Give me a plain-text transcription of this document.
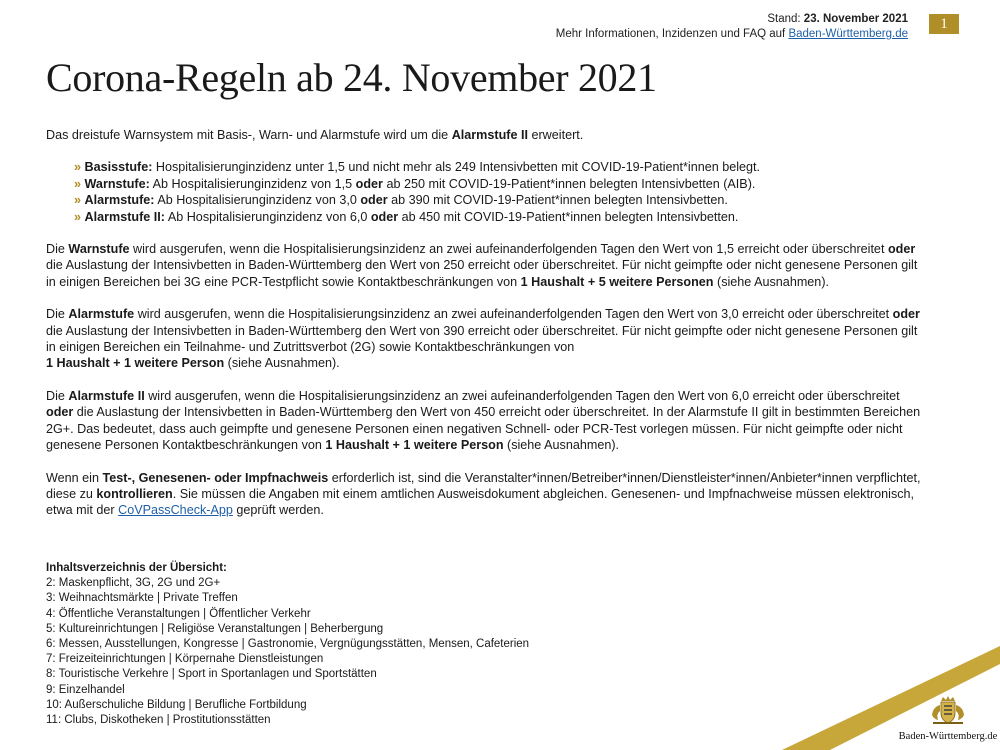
Stand: 23. November 2021
Mehr Informationen, Inzidenzen und FAQ auf Baden-Württemberg.de
1
Corona-Regeln ab 24. November 2021

Das dreistufe Warnsystem mit Basis-, Warn- und Alarmstufe wird um die Alarmstufe II erweitert.

» Basisstufe: Hospitalisierunginzidenz unter 1,5 und nicht mehr als 249 Intensivbetten mit COVID-19-Patient*innen belegt.
» Warnstufe: Ab Hospitalisierunginzidenz von 1,5 oder ab 250 mit COVID-19-Patient*innen belegten Intensivbetten (AIB).
» Alarmstufe: Ab Hospitalisierunginzidenz von 3,0 oder ab 390 mit COVID-19-Patient*innen belegten Intensivbetten.
» Alarmstufe II: Ab Hospitalisierunginzidenz von 6,0 oder ab 450 mit COVID-19-Patient*innen belegten Intensivbetten.

Die Warnstufe wird ausgerufen, wenn die Hospitalisierungsinzidenz an zwei aufeinanderfolgenden Tagen den Wert von 1,5 erreicht oder überschreitet oder die Auslastung der Intensivbetten in Baden-Württemberg den Wert von 250 erreicht oder überschreitet. Für nicht geimpfte oder nicht genesene Personen gilt in einigen Bereichen bei 3G eine PCR-Testpflicht sowie Kontaktbeschränkungen von 1 Haushalt + 5 weitere Personen (siehe Ausnahmen).

Die Alarmstufe wird ausgerufen, wenn die Hospitalisierungsinzidenz an zwei aufeinanderfolgenden Tagen den Wert von 3,0 erreicht oder überschreitet oder die Auslastung der Intensivbetten in Baden-Württemberg den Wert von 390 erreicht oder überschreitet. Für nicht geimpfte oder nicht genesene Personen gilt in einigen Bereichen ein Teilnahme- und Zutrittsverbot (2G) sowie Kontaktbeschränkungen von
1 Haushalt + 1 weitere Person (siehe Ausnahmen).

Die Alarmstufe II wird ausgerufen, wenn die Hospitalisierungsinzidenz an zwei aufeinanderfolgenden Tagen den Wert von 6,0 erreicht oder überschreitet oder die Auslastung der Intensivbetten in Baden-Württemberg den Wert von 450 erreicht oder überschreitet. In der Alarmstufe II gilt in bestimmten Bereichen 2G+. Das bedeutet, dass auch geimpfte und genesene Personen einen negativen Schnell- oder PCR-Test vorlegen müssen. Für nicht geimpfte oder nicht genesene Personen Kontaktbeschränkungen von 1 Haushalt + 1 weitere Person (siehe Ausnahmen).

Wenn ein Test-, Genesenen- oder Impfnachweis erforderlich ist, sind die Veranstalter*innen/Betreiber*innen/Dienstleister*innen/Anbieter*innen verpflichtet, diese zu kontrollieren. Sie müssen die Angaben mit einem amtlichen Ausweisdokument abgleichen. Genesenen- und Impfnachweise müssen elektronisch, etwa mit der CoVPassCheck-App geprüft werden.

Inhaltsverzeichnis der Übersicht:
2: Maskenpflicht, 3G, 2G und 2G+
3: Weihnachtsmärkte | Private Treffen
4: Öffentliche Veranstaltungen | Öffentlicher Verkehr
5: Kultureinrichtungen | Religiöse Veranstaltungen | Beherbergung
6: Messen, Ausstellungen, Kongresse | Gastronomie, Vergnügungsstätten, Mensen, Cafeterien
7: Freizeiteinrichtungen | Körpernahe Dienstleistungen
8: Touristische Verkehre | Sport in Sportanlagen und Sportstätten
9: Einzelhandel
10: Außerschuliche Bildung | Berufliche Fortbildung
11: Clubs, Diskotheken | Prostitutionsstätten
Baden-Württemberg.de
